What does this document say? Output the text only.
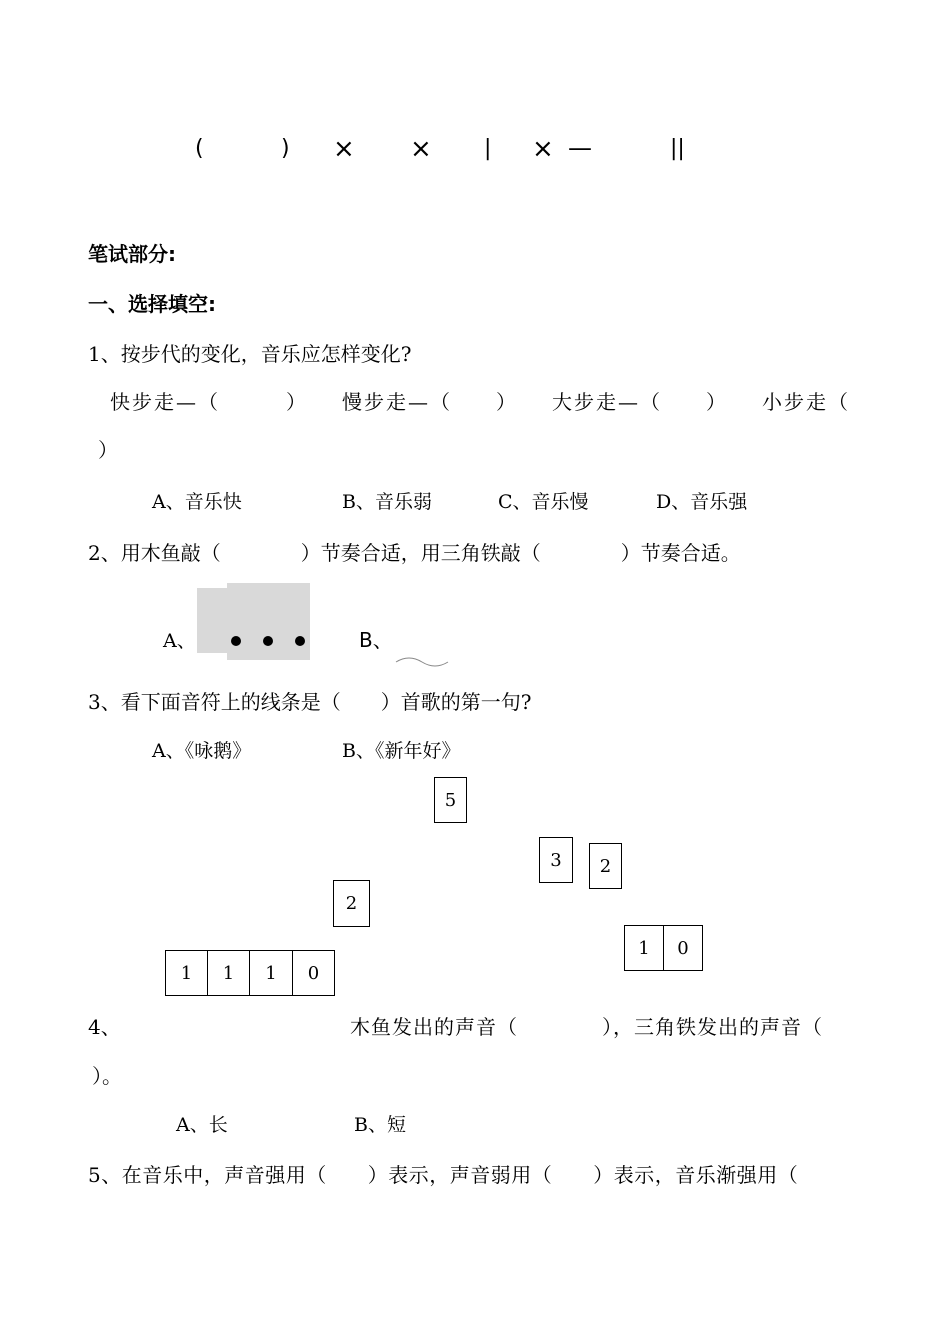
(	) × × | × —	||
笔试部分:
一、选择填空:
1、按步代的变化，音乐应怎样变化?
快步走—（　　　）　　慢步走—（　　）　　大步走—（　　）　　小步走（
）
A、音乐快	B、音乐弱	C、音乐慢	D、音乐强
2、用木鱼敲（　　　　）节奏合适，用三角铁敲（　　　　）节奏合适。
A、	B、
3、看下面音符上的线条是（　　）首歌的第一句?
A、《咏鹅》	B、《新年好》
5
3 2
2
1	1	1	0
1	0
4、	木鱼发出的声音（　　　　），三角铁发出的声音（
）。
A、长	B、短
5、在音乐中，声音强用（　　）表示，声音弱用（　　）表示，音乐渐强用（
